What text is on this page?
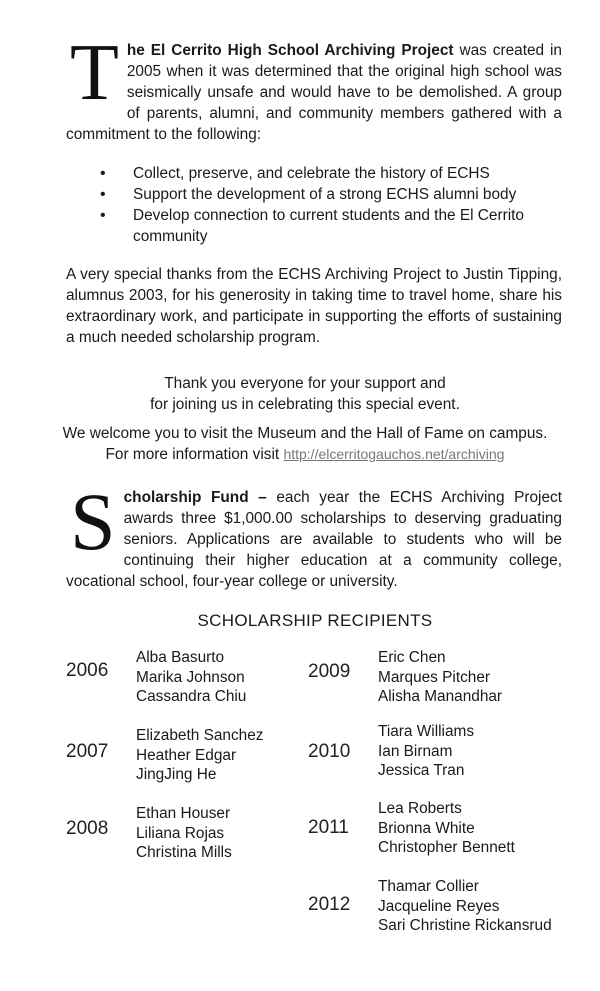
The El Cerrito High School Archiving Project was created in 2005 when it was determined that the original high school was seismically unsafe and would have to be demolished. A group of parents, alumni, and community members gathered with a commitment to the following:
• Collect, preserve, and celebrate the history of ECHS
• Support the development of a strong ECHS alumni body
• Develop connection to current students and the El Cerrito community
A very special thanks from the ECHS Archiving Project to Justin Tipping, alumnus 2003, for his generosity in taking time to travel home, share his extraordinary work, and participate in supporting the efforts of sustaining a much needed scholarship program.
Thank you everyone for your support and
for joining us in celebrating this special event.
We welcome you to visit the Museum and the Hall of Fame on campus.
For more information visit http://elcerritogauchos.net/archiving
Scholarship Fund – each year the ECHS Archiving Project awards three $1,000.00 scholarships to deserving graduating seniors. Applications are available to students who will be continuing their higher education at a community college, vocational school, four-year college or university.
SCHOLARSHIP RECIPIENTS
2006
Alba Basurto
Marika Johnson
Cassandra Chiu
2007
Elizabeth Sanchez
Heather Edgar
JingJing He
2008
Ethan Houser
Liliana Rojas
Christina Mills
2009
Eric Chen
Marques Pitcher
Alisha Manandhar
2010
Tiara Williams
Ian Birnam
Jessica Tran
2011
Lea Roberts
Brionna White
Christopher Bennett
2012
Thamar Collier
Jacqueline Reyes
Sari Christine Rickansrud
